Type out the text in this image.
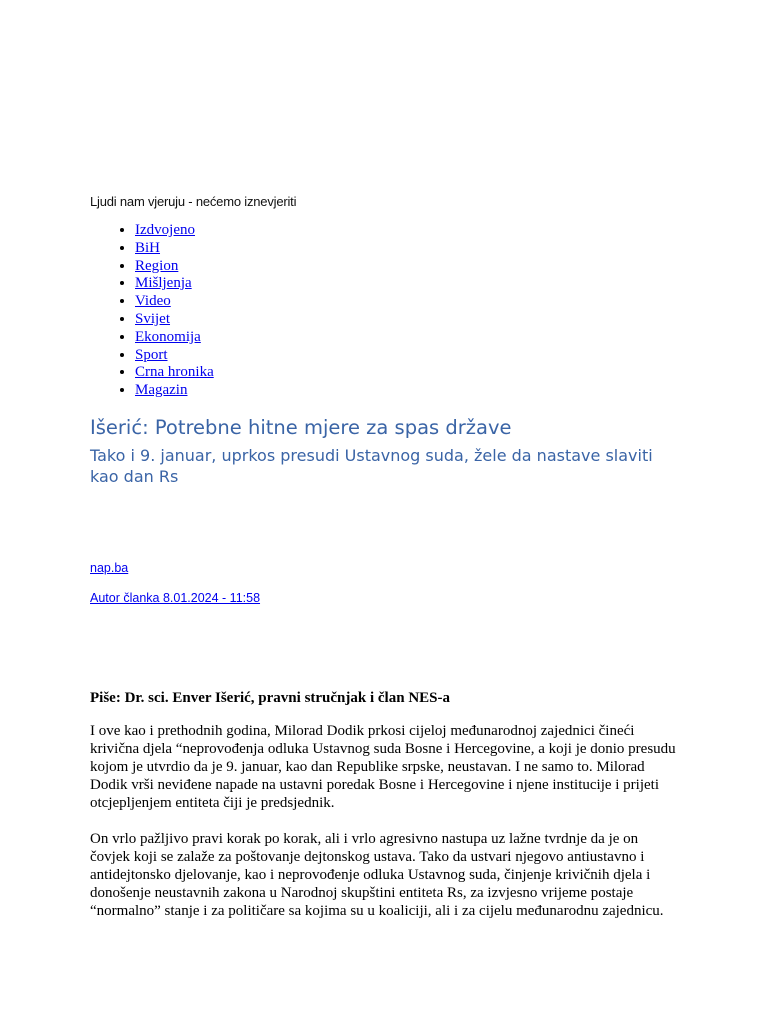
Ljudi nam vjeruju - nećemo iznevjeriti
• Izdvojeno
• BiH
• Region
• Mišljenja
• Video
• Svijet
• Ekonomija
• Sport
• Crna hronika
• Magazin
Išerić: Potrebne hitne mjere za spas države
Tako i 9. januar, uprkos presudi Ustavnog suda, žele da nastave slaviti kao dan Rs
nap.ba
Autor članka 8.01.2024 - 11:58

Piše: Dr. sci. Enver Išerić, pravni stručnjak i član NES-a

I ove kao i prethodnih godina, Milorad Dodik prkosi cijeloj međunarodnoj zajednici čineći krivična djela “neprovođenja odluka Ustavnog suda Bosne i Hercegovine, a koji je donio presudu kojom je utvrdio da je 9. januar, kao dan Republike srpske, neustavan. I ne samo to. Milorad Dodik vrši neviđene napade na ustavni poredak Bosne i Hercegovine i njene institucije i prijeti otcjepljenjem entiteta čiji je predsjednik.

On vrlo pažljivo pravi korak po korak, ali i vrlo agresivno nastupa uz lažne tvrdnje da je on čovjek koji se zalaže za poštovanje dejtonskog ustava. Tako da ustvari njegovo antiustavno i antidejtonsko djelovanje, kao i neprovođenje odluka Ustavnog suda, činjenje krivičnih djela i donošenje neustavnih zakona u Narodnoj skupštini entiteta Rs, za izvjesno vrijeme postaje “normalno” stanje i za političare sa kojima su u koaliciji, ali i za cijelu međunarodnu zajednicu.
